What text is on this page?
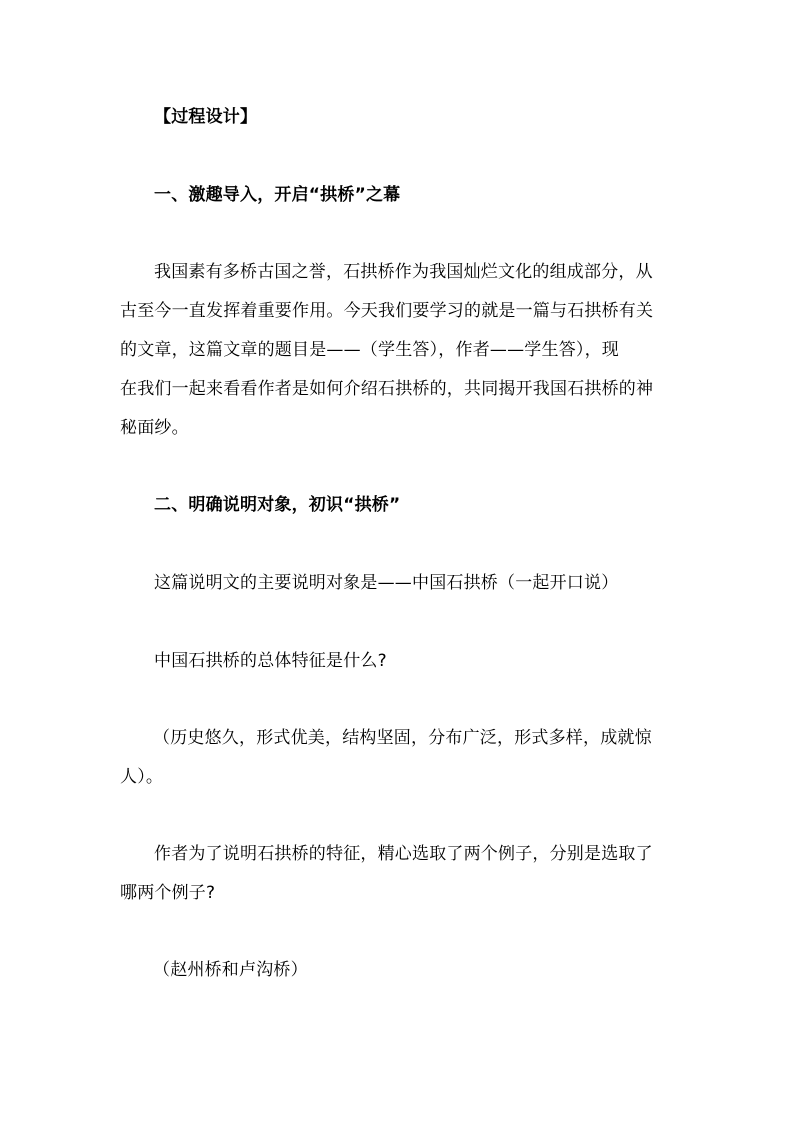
【过程设计】
一、激趣导入，开启“拱桥”之幕
我国素有多桥古国之誉，石拱桥作为我国灿烂文化的组成部分，从
古至今一直发挥着重要作用。今天我们要学习的就是一篇与石拱桥有关
的文章，这篇文章的题目是——（学生答），作者——学生答），现
在我们一起来看看作者是如何介绍石拱桥的，共同揭开我国石拱桥的神
秘面纱。
二、明确说明对象，初识“拱桥”
这篇说明文的主要说明对象是——中国石拱桥（一起开口说）
中国石拱桥的总体特征是什么?
（历史悠久，形式优美，结构坚固，分布广泛，形式多样，成就惊
人）。
作者为了说明石拱桥的特征，精心选取了两个例子，分别是选取了
哪两个例子?
（赵州桥和卢沟桥）
